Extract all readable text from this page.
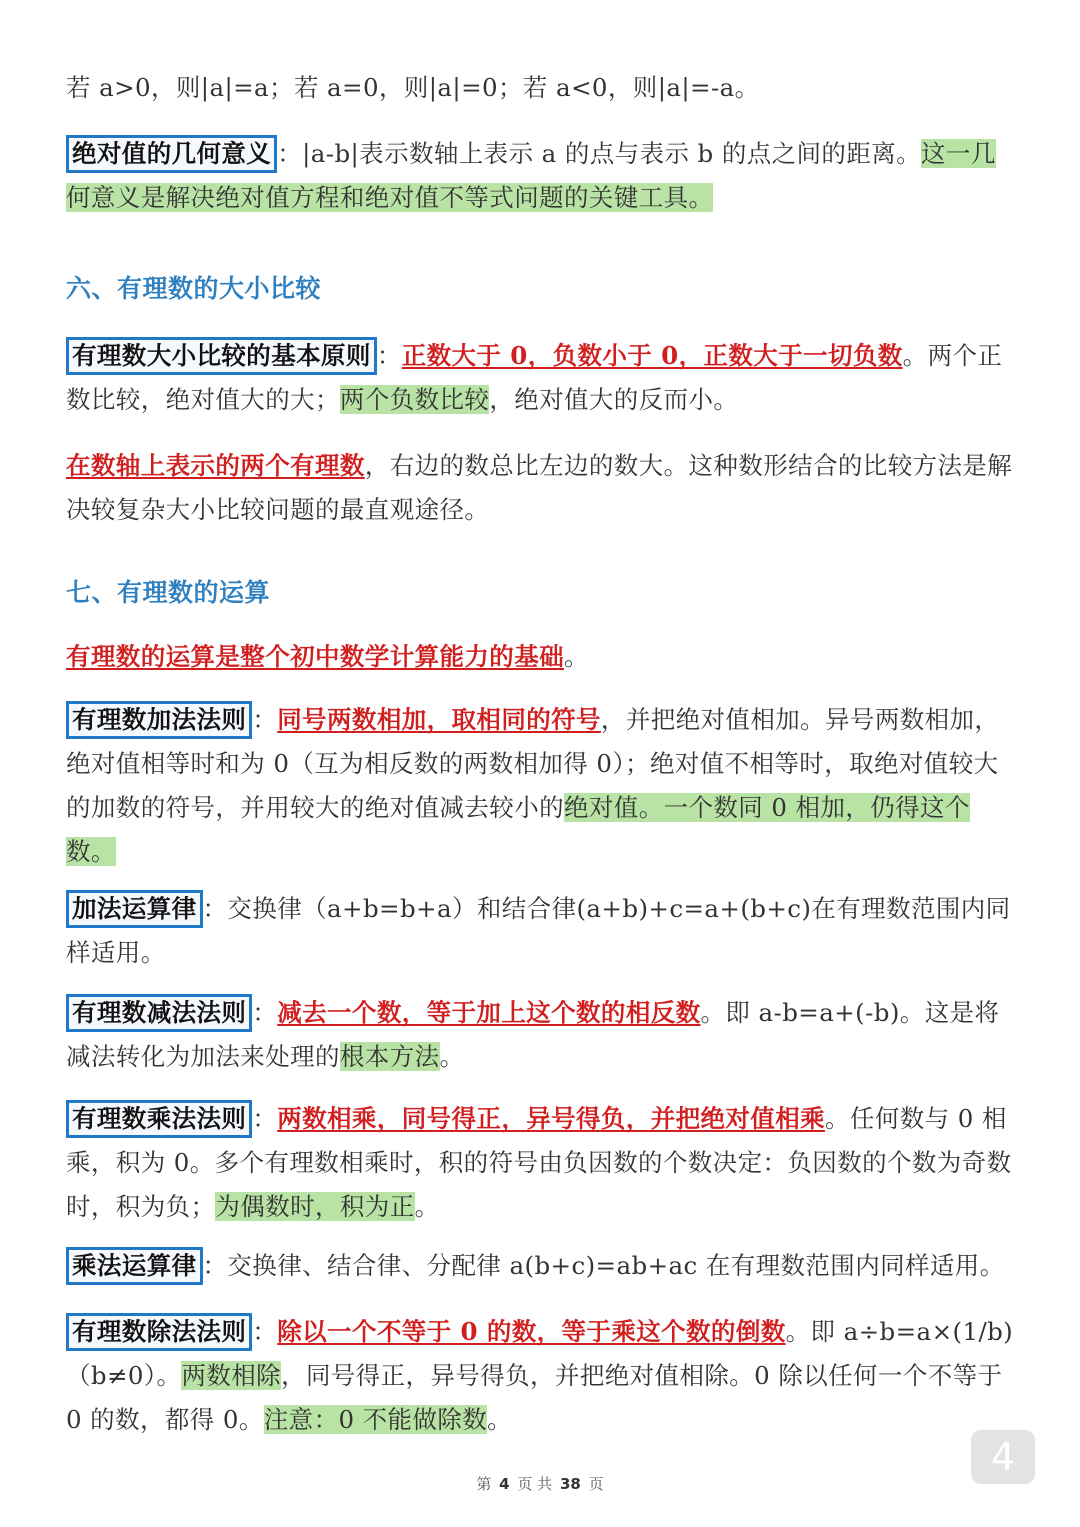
若 a>0，则|a|=a；若 a=0，则|a|=0；若 a<0，则|a|=-a。
绝对值的几何意义 ：|a-b|表示数轴上表示 a 的点与表示 b 的点之间的距离。这一几何意义是解决绝对值方程和绝对值不等式问题的关键工具。
六、有理数的大小比较
有理数大小比较的基本原则 ：正数大于 0，负数小于 0，正数大于一切负数。两个正数比较，绝对值大的大；两个负数比较，绝对值大的反而小。
在数轴上表示的两个有理数，右边的数总比左边的数大。这种数形结合的比较方法是解决较复杂大小比较问题的最直观途径。
七、有理数的运算
有理数的运算是整个初中数学计算能力的基础。
有理数加法法则 ：同号两数相加，取相同的符号，并把绝对值相加。异号两数相加，绝对值相等时和为 0（互为相反数的两数相加得 0）；绝对值不相等时，取绝对值较大的加数的符号，并用较大的绝对值减去较小的绝对值。一个数同 0 相加，仍得这个数。
加法运算律 ：交换律（a+b=b+a）和结合律(a+b)+c=a+(b+c)在有理数范围内同样适用。
有理数减法法则 ：减去一个数，等于加上这个数的相反数。即 a-b=a+(-b)。这是将减法转化为加法来处理的根本方法。
有理数乘法法则 ：两数相乘，同号得正，异号得负，并把绝对值相乘。任何数与 0 相乘，积为 0。多个有理数相乘时，积的符号由负因数的个数决定：负因数的个数为奇数时，积为负；为偶数时，积为正。
乘法运算律 ：交换律、结合律、分配律 a(b+c)=ab+ac 在有理数范围内同样适用。
有理数除法法则 ：除以一个不等于 0 的数，等于乘这个数的倒数。即 a÷b=a×(1/b)（b≠0）。两数相除，同号得正，异号得负，并把绝对值相除。0 除以任何一个不等于 0 的数，都得 0。注意：0 不能做除数。
4
第 4 页 共 38 页
